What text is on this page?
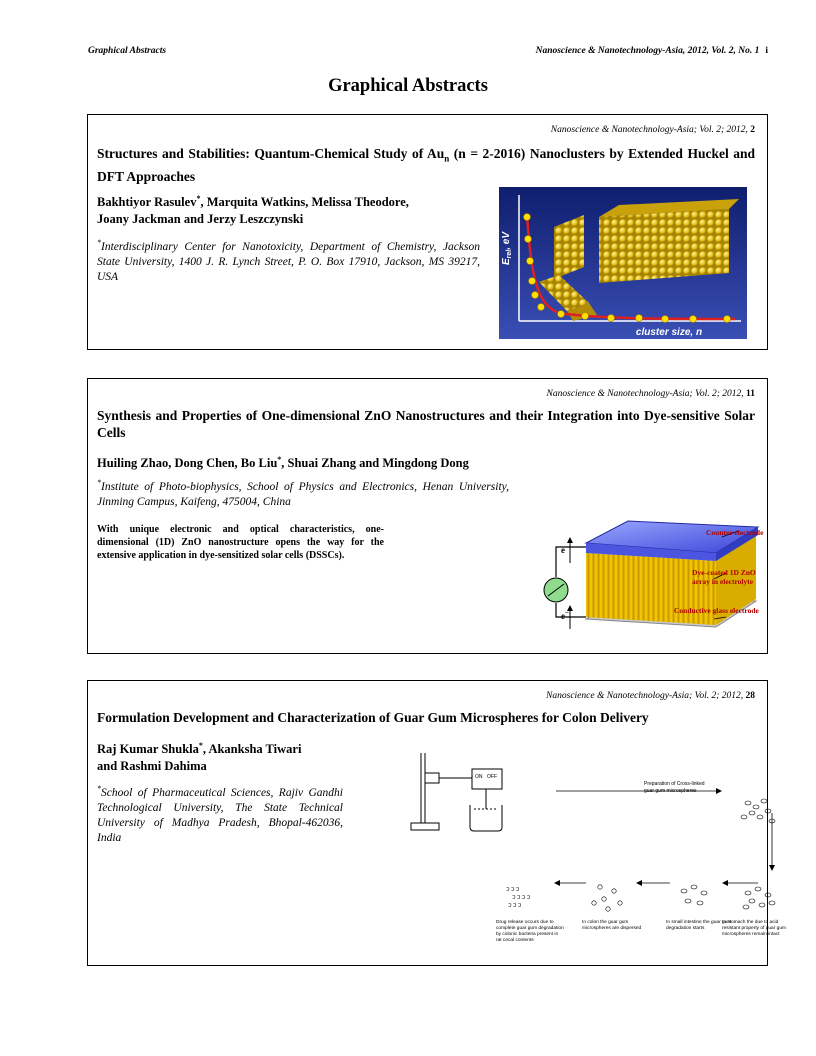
Graphical Abstracts	Nanoscience & Nanotechnology-Asia, 2012, Vol. 2, No. 1 i
Graphical Abstracts
Nanoscience & Nanotechnology-Asia; Vol. 2; 2012, 2
Structures and Stabilities: Quantum-Chemical Study of $Au_n$ (n = 2-2016) Nanoclusters by Extended Huckel and DFT Approaches
Bakhtiyor Rasulev*, Marquita Watkins, Melissa Theodore,
Joany Jackman and Jerzy Leszczynski
*Interdisciplinary Center for Nanotoxicity, Department of Chemistry, Jackson State University, 1400 J. R. Lynch Street, P. O. Box 17910, Jackson, MS 39217, USA
$E_{rel}$, eV
cluster size, n
Nanoscience & Nanotechnology-Asia; Vol. 2; 2012, 11
Synthesis and Properties of One-dimensional ZnO Nanostructures and their Integration into Dye-sensitive Solar Cells
Huiling Zhao, Dong Chen, Bo Liu*, Shuai Zhang and Mingdong Dong
*Institute of Photo-biophysics, School of Physics and Electronics, Henan University, Jinming Campus, Kaifeng, 475004, China
With unique electronic and optical characteristics, one-dimensional (1D) ZnO nanostructure opens the way for the extensive application in dye-sensitized solar cells (DSSCs).	e−
e−
Counter electrode
Dye-coated 1D ZnO
array in electrolyte
Conductive glass electrode
Nanoscience & Nanotechnology-Asia; Vol. 2; 2012, 28
Formulation Development and Characterization of Guar Gum Microspheres for Colon Delivery
Raj Kumar Shukla*, Akanksha Tiwari
and Rashmi Dahima
*School of Pharmaceutical Sciences, Rajiv Gandhi Technological University, The State Technical University of Madhya Pradesh, Bhopal-462036, India
ON OFF
Preparation of Cross-linked
guar gum microspheres
Ↄ Ↄ Ↄ
Ↄ Ↄ Ↄ Ↄ
Ↄ Ↄ Ↄ
Drug release occurs due to complete guar gum degradation by colonic bacteria present in rat cecal contents
In colon the guar gum microspheres are dispersed
In small intestine the guar gum degradation starts
In stomach the due to acid resistant property of guar gum microspheres remain intact
